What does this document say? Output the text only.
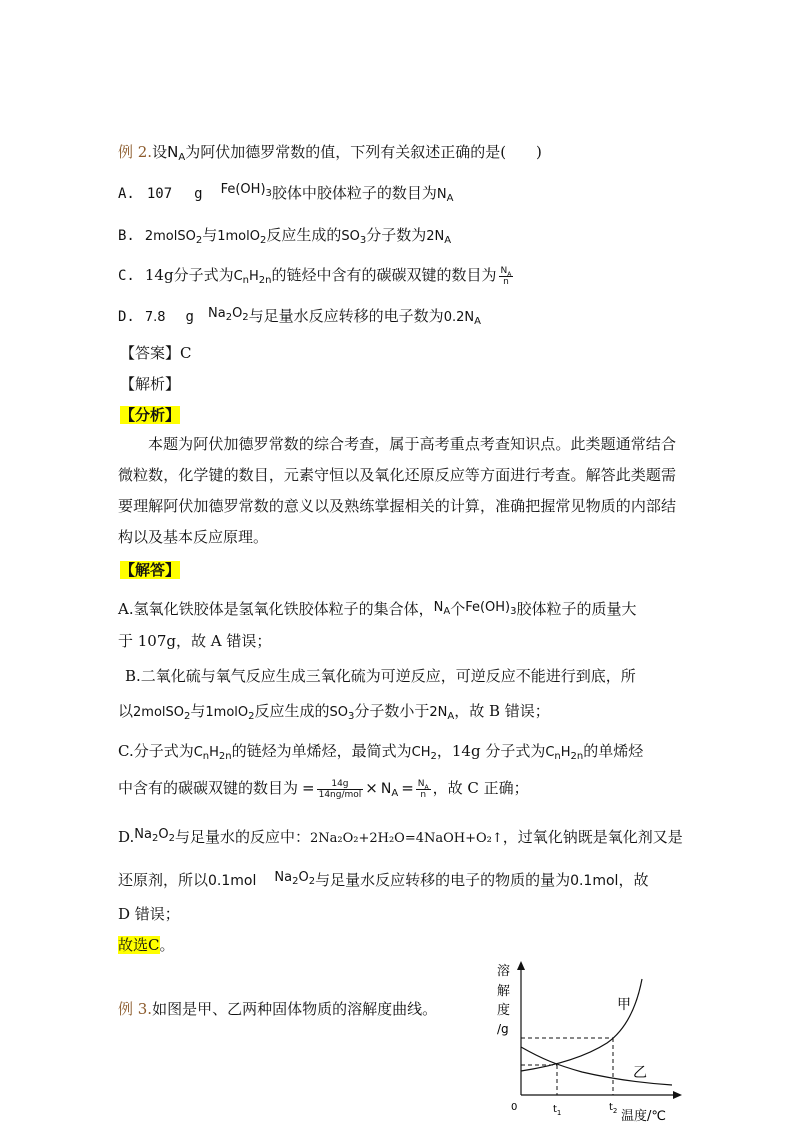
例 2.设$N_A$为阿伏加德罗常数的值，下列有关叙述正确的是( )
A. 107 g $Fe(OH)_3$胶体中胶体粒子的数目为$N_A$
B. 2molSO$_2$与1molO$_2$反应生成的$SO_3$分子数为$2N_A$
C. 14g分子式为$C_nH_{2n}$的链烃中含有的碳碳双键的数目为 $\frac{N_A}{n}$
D. 7.8 g $Na_2O_2$与足量水反应转移的电子数为$0.2N_A$
【答案】C
【解析】
【分析】
本题为阿伏加德罗常数的综合考查，属于高考重点考查知识点。此类题通常结合微粒数，化学键的数目，元素守恒以及氧化还原反应等方面进行考查。解答此类题需要理解阿伏加德罗常数的意义以及熟练掌握相关的计算，准确把握常见物质的内部结构以及基本反应原理。
【解答】
A.氢氧化铁胶体是氢氧化铁胶体粒子的集合体，$N_A$个$Fe(OH)_3$胶体粒子的质量大
于 107g，故 A 错误；
B.二氧化硫与氧气反应生成三氧化硫为可逆反应，可逆反应不能进行到底，所
以2molSO$_2$与1molO$_2$反应生成的$SO_3$分子数小于$2N_A$，故 B 错误；
C.分子式为$C_nH_{2n}$的链烃为单烯烃，最简式为$CH_2$，14g 分子式为$C_nH_{2n}$的单烯烃
中含有的碳碳双键的数目为 = $\frac{14g}{\text{14ng/mol}} \times N_A = \frac{N_A}{n}$ ，故 C 正确；
$D.Na_2O_2$与足量水的反应中：2Na₂O₂+2H₂O=4NaOH+O₂↑，过氧化钠既是氧化剂又是
还原剂，所以0.1mol $Na_2O_2$与足量水反应转移的电子的物质的量为0.1mol，故
D 错误；
故选C。
例 3.如图是甲、乙两种固体物质的溶解度曲线。
溶
解
度
/g
甲
乙
0	$t_1$	$t_2$ 温度/℃
